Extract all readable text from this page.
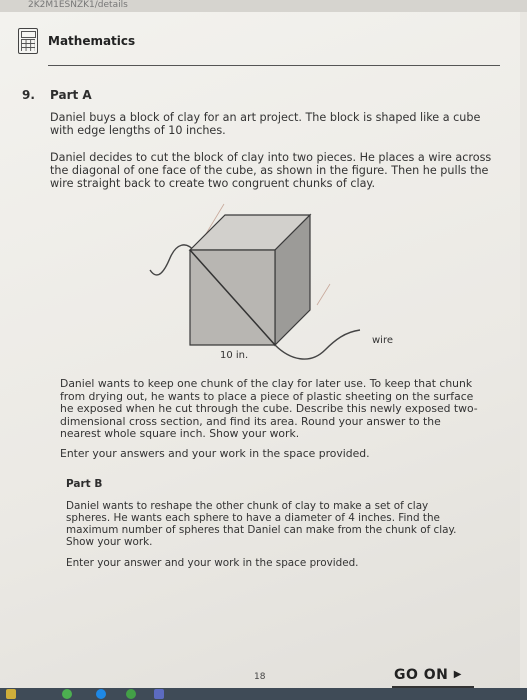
2K2M1ESNZK1/details
Mathematics
9. Part A

Daniel buys a block of clay for an art project. The block is shaped like a cube with edge lengths of 10 inches.

Daniel decides to cut the block of clay into two pieces. He places a wire across the diagonal of one face of the cube, as shown in the figure. Then he pulls the wire straight back to create two congruent chunks of clay.

wire
10 in.

Daniel wants to keep one chunk of the clay for later use. To keep that chunk from drying out, he wants to place a piece of plastic sheeting on the surface he exposed when he cut through the cube. Describe this newly exposed two-dimensional cross section, and find its area. Round your answer to the nearest whole square inch. Show your work.

Enter your answers and your work in the space provided.

Part B

Daniel wants to reshape the other chunk of clay to make a set of clay spheres. He wants each sphere to have a diameter of 4 inches. Find the maximum number of spheres that Daniel can make from the chunk of clay. Show your work.

Enter your answer and your work in the space provided.

18	GO ON ▶
